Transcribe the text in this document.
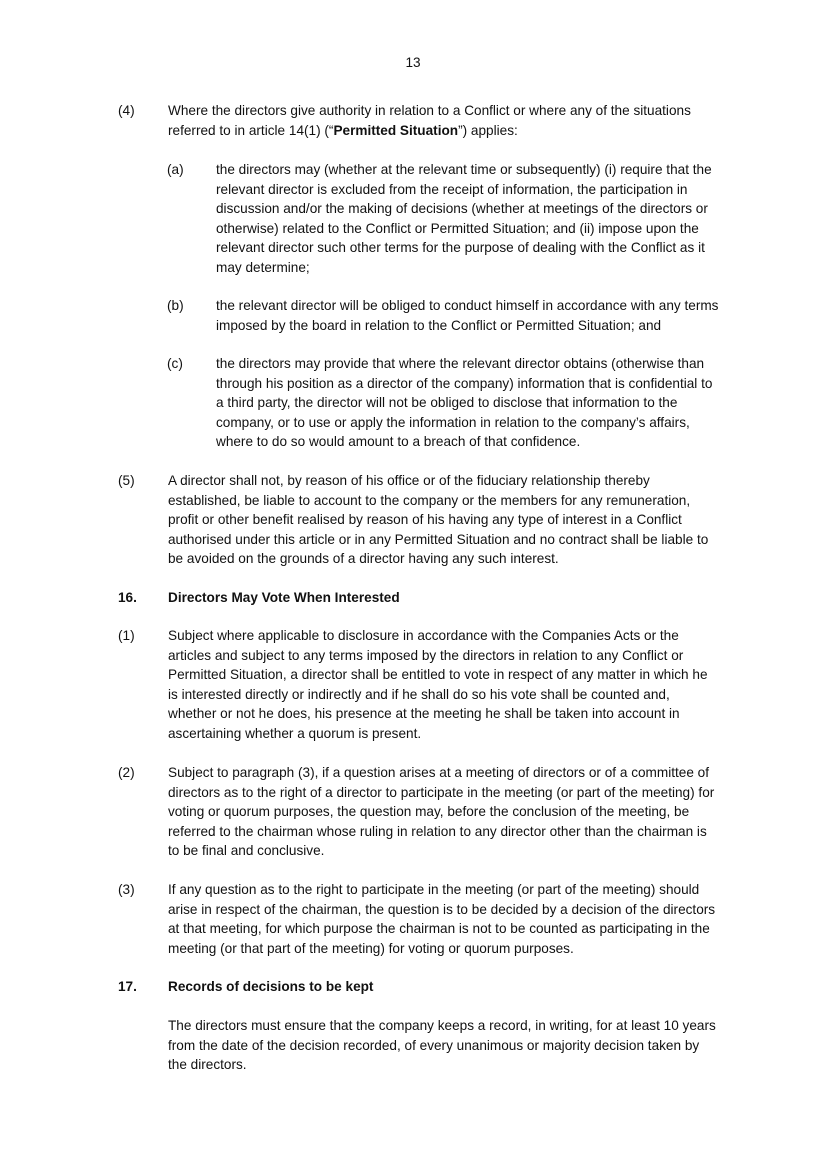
13
(4) Where the directors give authority in relation to a Conflict or where any of the situations referred to in article 14(1) (“Permitted Situation”) applies:
(a) the directors may (whether at the relevant time or subsequently) (i) require that the relevant director is excluded from the receipt of information, the participation in discussion and/or the making of decisions (whether at meetings of the directors or otherwise) related to the Conflict or Permitted Situation; and (ii) impose upon the relevant director such other terms for the purpose of dealing with the Conflict as it may determine;
(b) the relevant director will be obliged to conduct himself in accordance with any terms imposed by the board in relation to the Conflict or Permitted Situation; and
(c) the directors may provide that where the relevant director obtains (otherwise than through his position as a director of the company) information that is confidential to a third party, the director will not be obliged to disclose that information to the company, or to use or apply the information in relation to the company’s affairs, where to do so would amount to a breach of that confidence.
(5) A director shall not, by reason of his office or of the fiduciary relationship thereby established, be liable to account to the company or the members for any remuneration, profit or other benefit realised by reason of his having any type of interest in a Conflict authorised under this article or in any Permitted Situation and no contract shall be liable to be avoided on the grounds of a director having any such interest.
16. Directors May Vote When Interested
(1) Subject where applicable to disclosure in accordance with the Companies Acts or the articles and subject to any terms imposed by the directors in relation to any Conflict or Permitted Situation, a director shall be entitled to vote in respect of any matter in which he is interested directly or indirectly and if he shall do so his vote shall be counted and, whether or not he does, his presence at the meeting he shall be taken into account in ascertaining whether a quorum is present.
(2) Subject to paragraph (3), if a question arises at a meeting of directors or of a committee of directors as to the right of a director to participate in the meeting (or part of the meeting) for voting or quorum purposes, the question may, before the conclusion of the meeting, be referred to the chairman whose ruling in relation to any director other than the chairman is to be final and conclusive.
(3) If any question as to the right to participate in the meeting (or part of the meeting) should arise in respect of the chairman, the question is to be decided by a decision of the directors at that meeting, for which purpose the chairman is not to be counted as participating in the meeting (or that part of the meeting) for voting or quorum purposes.
17. Records of decisions to be kept
The directors must ensure that the company keeps a record, in writing, for at least 10 years from the date of the decision recorded, of every unanimous or majority decision taken by the directors.
